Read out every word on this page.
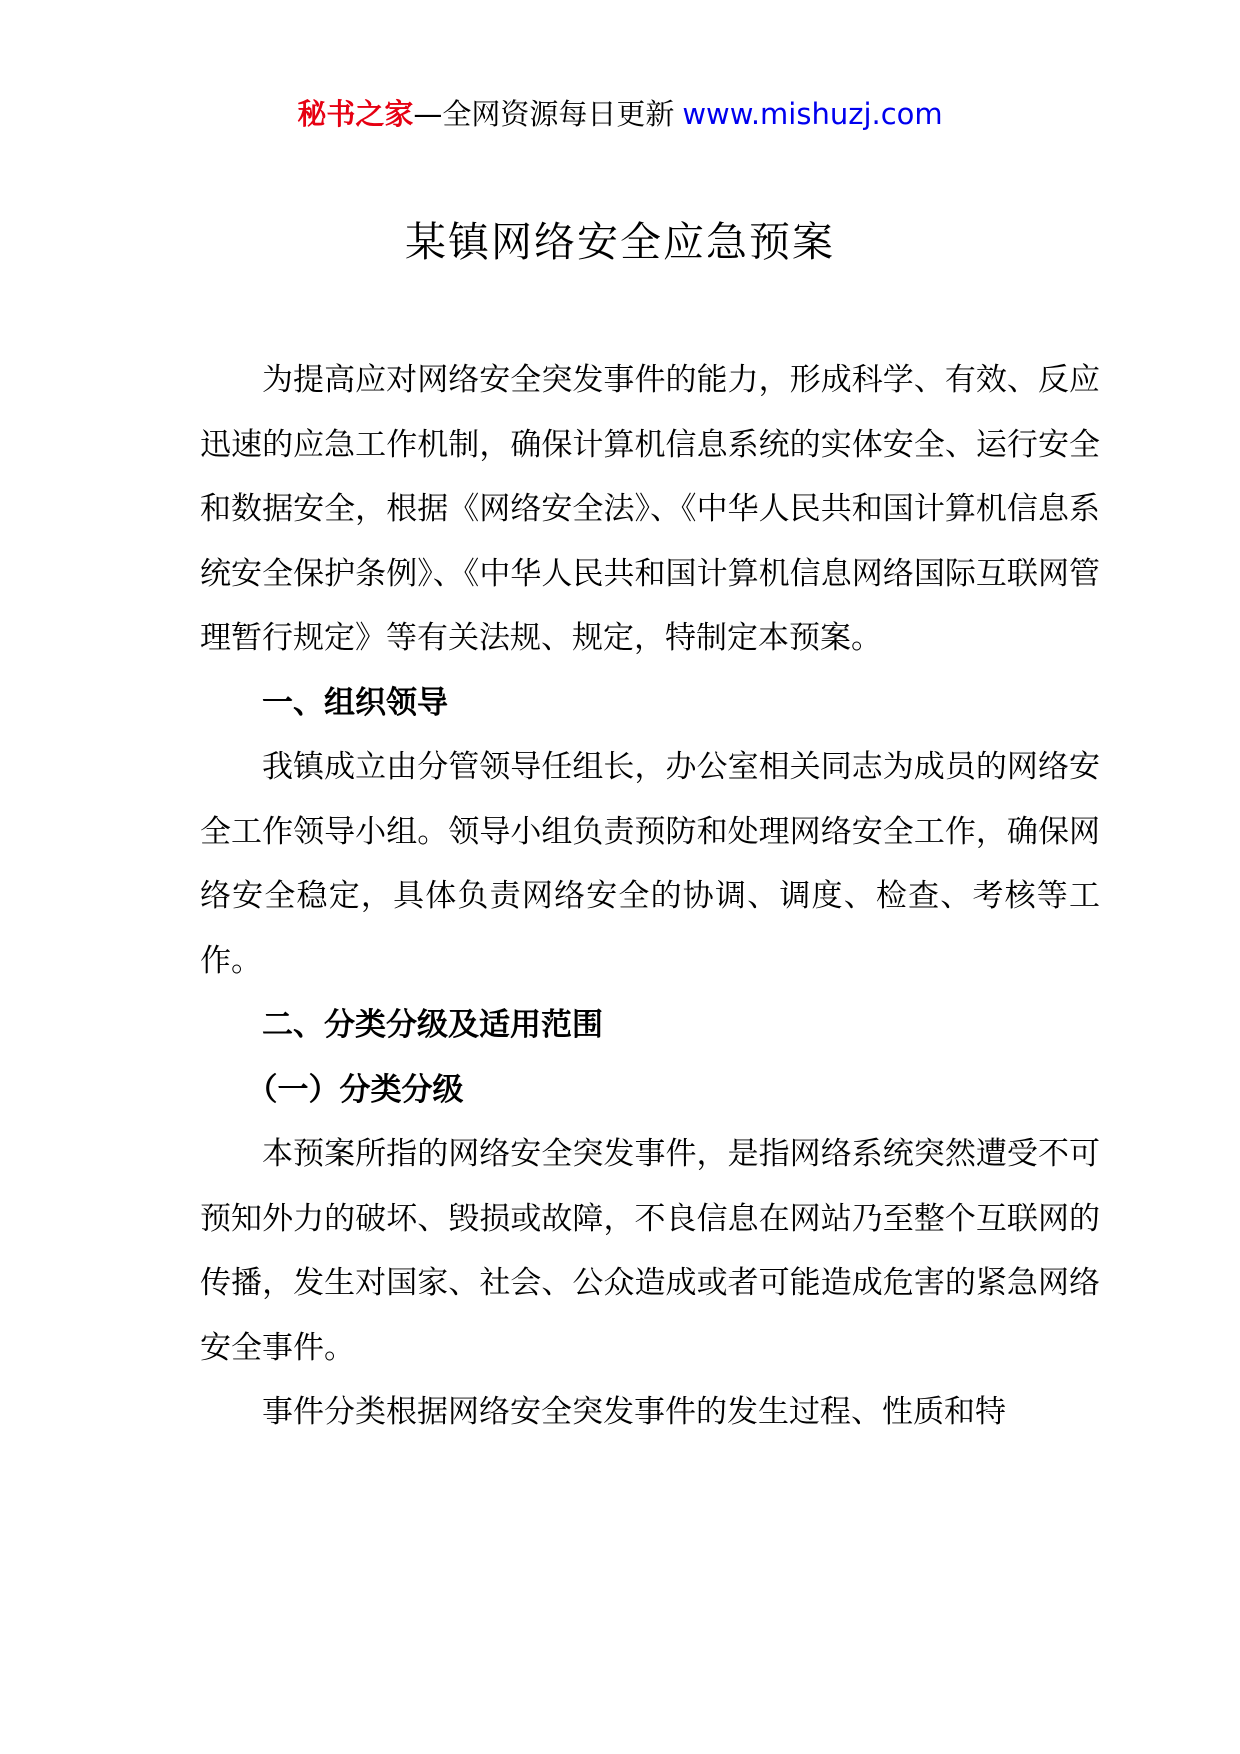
秘书之家—全网资源每日更新 www.mishuzj.com
某镇网络安全应急预案

为提高应对网络安全突发事件的能力，形成科学、有效、反应迅速的应急工作机制，确保计算机信息系统的实体安全、运行安全和数据安全，根据《网络安全法》、《中华人民共和国计算机信息系统安全保护条例》、《中华人民共和国计算机信息网络国际互联网管理暂行规定》等有关法规、规定，特制定本预案。

一、组织领导

我镇成立由分管领导任组长，办公室相关同志为成员的网络安全工作领导小组。领导小组负责预防和处理网络安全工作，确保网络安全稳定，具体负责网络安全的协调、调度、检查、考核等工作。

二、分类分级及适用范围

（一）分类分级

本预案所指的网络安全突发事件，是指网络系统突然遭受不可预知外力的破坏、毁损或故障，不良信息在网站乃至整个互联网的传播，发生对国家、社会、公众造成或者可能造成危害的紧急网络安全事件。

事件分类根据网络安全突发事件的发生过程、性质和特
